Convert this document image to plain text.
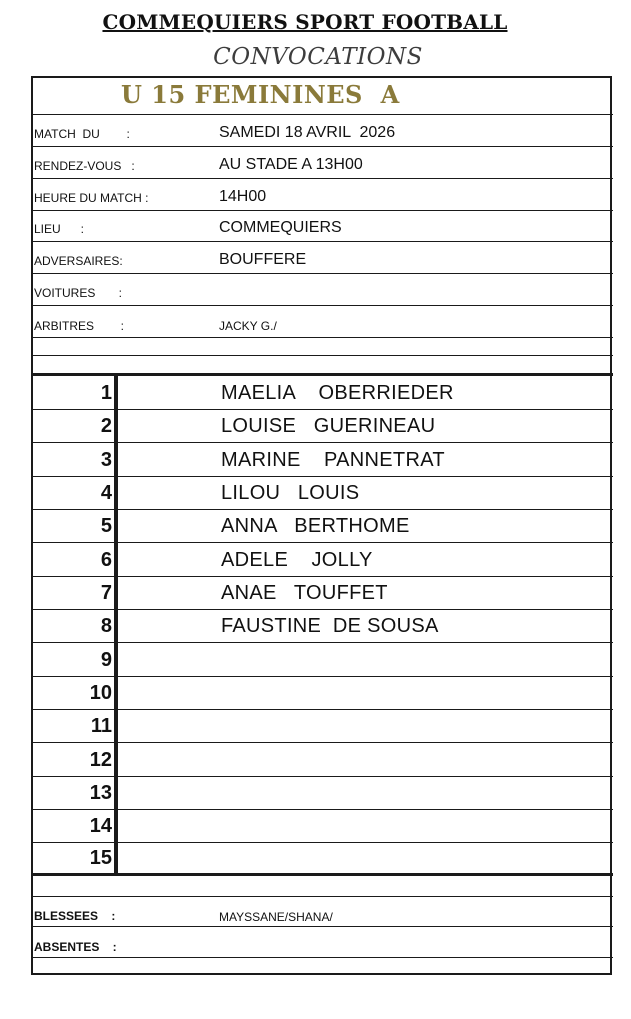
COMMEQUIERS SPORT FOOTBALL
CONVOCATIONS
U 15 FEMININES  A
MATCH  DU        :	SAMEDI 18 AVRIL  2026
RENDEZ-VOUS   :	AU STADE A 13H00
HEURE DU MATCH :	14H00
LIEU      :	COMMEQUIERS
ADVERSAIRES:	BOUFFERE
VOITURES       :
ARBITRES        :	JACKY G./
1	MAELIA    OBERRIEDER
2	LOUISE   GUERINEAU
3	MARINE    PANNETRAT
4	LILOU   LOUIS
5	ANNA   BERTHOME
6	ADELE    JOLLY
7	ANAE   TOUFFET
8	FAUSTINE  DE SOUSA
9
10
11
12
13
14
15
BLESSEES    :	MAYSSANE/SHANA/
ABSENTES    :
